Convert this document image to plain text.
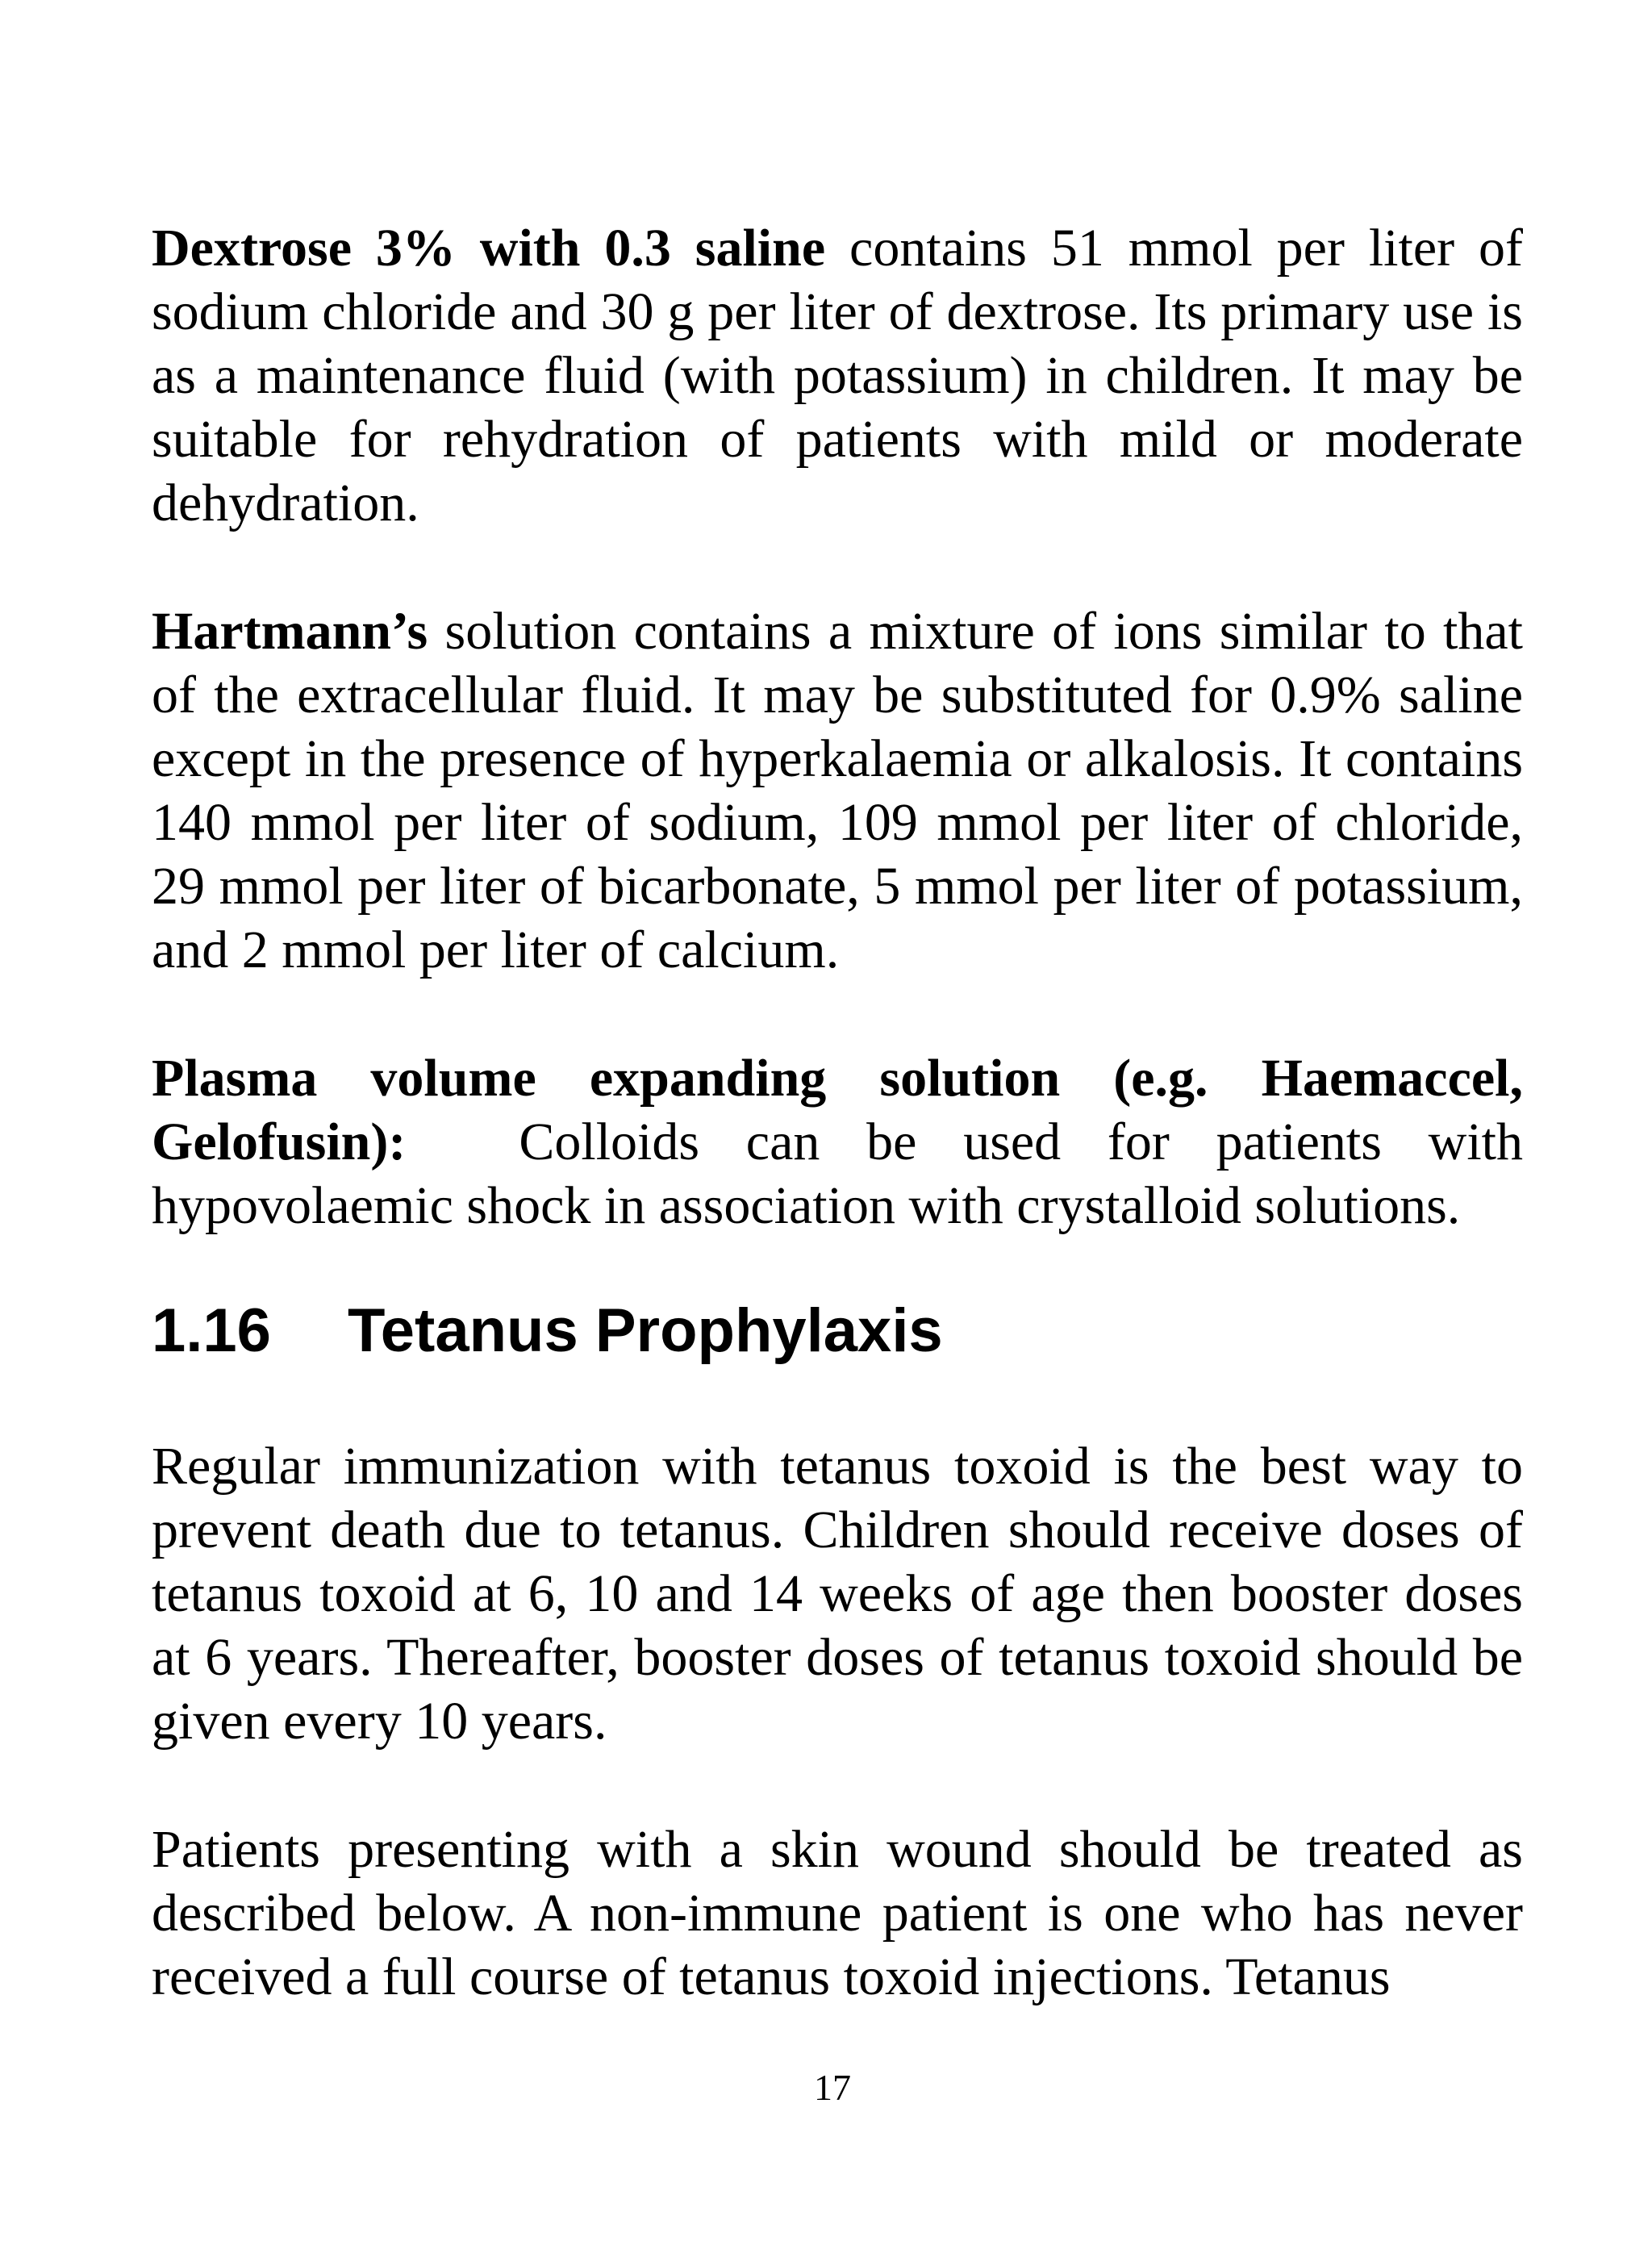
Dextrose 3% with 0.3 saline contains 51 mmol per liter of sodium chloride and 30 g per liter of dextrose. Its primary use is as a maintenance fluid (with potassium) in children. It may be suitable for rehydration of patients with mild or moderate dehydration.

Hartmann’s solution contains a mixture of ions similar to that of the extracellular fluid. It may be substituted for 0.9% saline except in the presence of hyperkalaemia or alkalosis. It contains 140 mmol per liter of sodium, 109 mmol per liter of chloride, 29 mmol per liter of bicarbonate, 5 mmol per liter of potassium, and 2 mmol per liter of calcium.

Plasma volume expanding solution (e.g. Haemaccel, Gelofusin): Colloids can be used for patients with hypovolaemic shock in association with crystalloid solutions.

1.16 Tetanus Prophylaxis

Regular immunization with tetanus toxoid is the best way to prevent death due to tetanus. Children should receive doses of tetanus toxoid at 6, 10 and 14 weeks of age then booster doses at 6 years. Thereafter, booster doses of tetanus toxoid should be given every 10 years.

Patients presenting with a skin wound should be treated as described below. A non-immune patient is one who has never received a full course of tetanus toxoid injections. Tetanus

17
